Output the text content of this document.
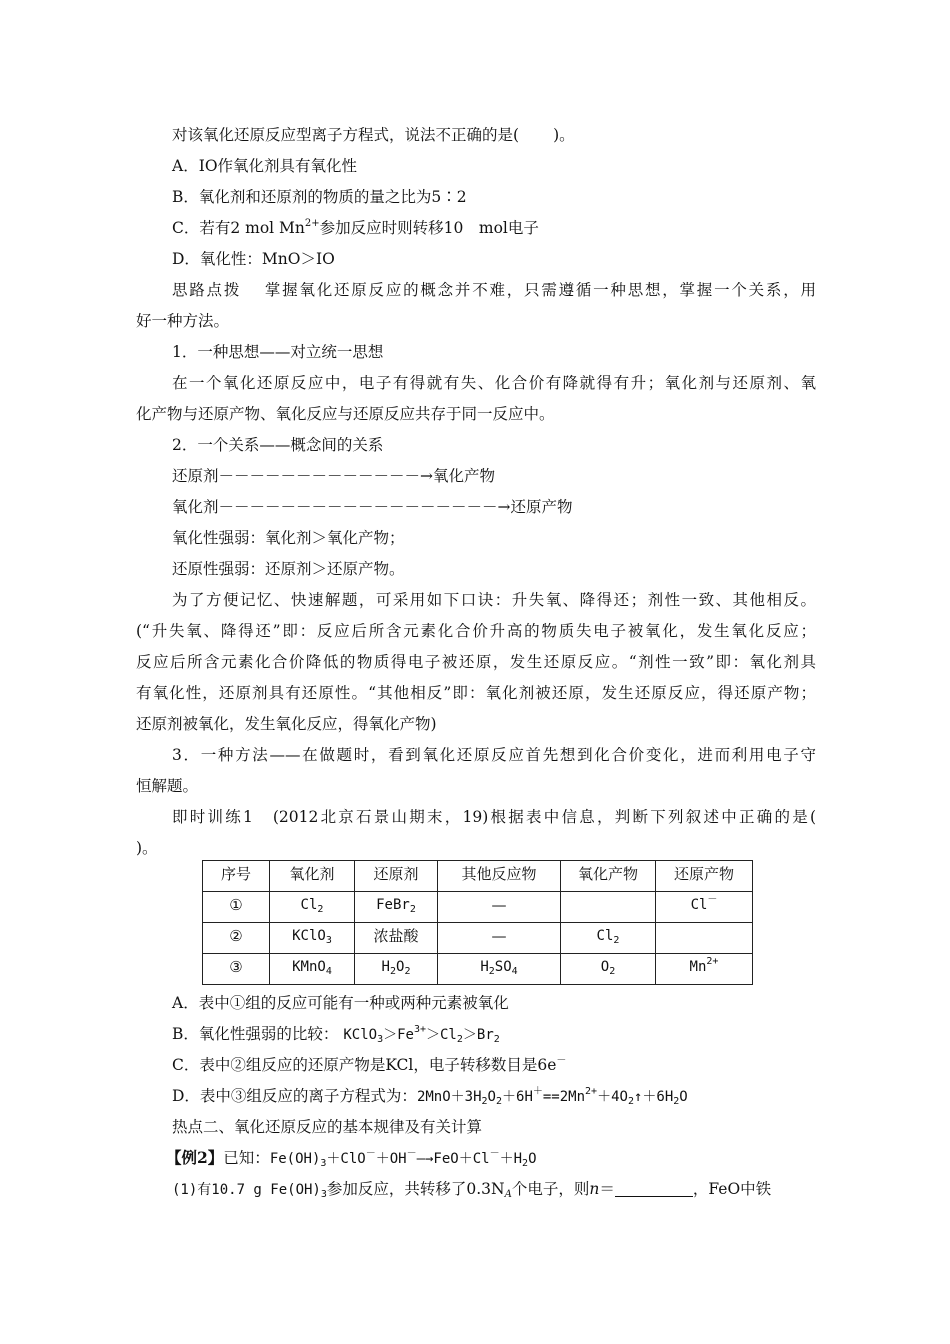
对该氧化还原反应型离子方程式，说法不正确的是( )。
A．IO作氧化剂具有氧化性
B．氧化剂和还原剂的物质的量之比为5∶2
C．若有2 mol $Mn^{2+}$参加反应时则转移10　mol电子
D．氧化性：MnO＞IO
思路点拨 掌握氧化还原反应的概念并不难，只需遵循一种思想，掌握一个关系，用
好一种方法。
1．一种思想——对立统一思想
在一个氧化还原反应中，电子有得就有失、化合价有降就得有升；氧化剂与还原剂、氧
化产物与还原产物、氧化反应与还原反应共存于同一反应中。
2．一个关系——概念间的关系
还原剂－－－－－－－－－－－－－→氧化产物
氧化剂－－－－－－－－－－－－－－－－－－→还原产物
氧化性强弱：氧化剂＞氧化产物；
还原性强弱：还原剂＞还原产物。
为了方便记忆、快速解题，可采用如下口诀：升失氧、降得还；剂性一致、其他相反。
(“升失氧、降得还”即：反应后所含元素化合价升高的物质失电子被氧化，发生氧化反应；
反应后所含元素化合价降低的物质得电子被还原，发生还原反应。“剂性一致”即：氧化剂具
有氧化性，还原剂具有还原性。“其他相反”即：氧化剂被还原，发生还原反应，得还原产物；
还原剂被氧化，发生氧化反应，得氧化产物)
3．一种方法——在做题时，看到氧化还原反应首先想到化合价变化，进而利用电子守
恒解题。
即时训练1　(2012北京石景山期末，19)根据表中信息，判断下列叙述中正确的是(
)。
序号	氧化剂	还原剂	其他反应物	氧化产物	还原产物
①	$Cl_2$	FeBr$_2$	—		Cl－
②	KClO$_3$	浓盐酸	—	$Cl_2$	
③	KMnO$_4$	$H_2O_2$	$H_2SO_4$	$O_2$	$Mn^{2+}$
A．表中①组的反应可能有一种或两种元素被氧化
B．氧化性强弱的比较： $KClO_3>Fe^{3+}>Cl_2>Br_2$
C．表中②组反应的还原产物是KCl，电子转移数目是6e－
D．表中③组反应的离子方程式为：$2MnO+3H_2O_2+6H^+==2Mn^{2+}+4O_2↑+6H_2O$
热点二、氧化还原反应的基本规律及有关计算
【例2】已知：$Fe(OH)_3+ClO^-+OH^-—\to FeO+Cl^-+H_2O$
(1)有10.7 g $Fe(OH)_3$参加反应，共转移了$0.3N_A$个电子，则n＝	，FeO中铁
